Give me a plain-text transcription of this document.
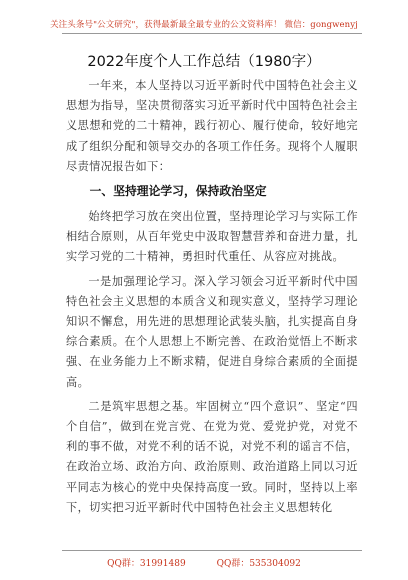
关注头条号"公文研究"，获得最新最全最专业的公文资料库！ 微信：gongwenyj
2022年度个人工作总结（1980字）

一年来，本人坚持以习近平新时代中国特色社会主义思想为指导，坚决贯彻落实习近平新时代中国特色社会主义思想和党的二十精神，践行初心、履行使命，较好地完成了组织分配和领导交办的各项工作任务。现将个人履职尽责情况报告如下：

一、坚持理论学习，保持政治坚定

始终把学习放在突出位置，坚持理论学习与实际工作相结合原则，从百年党史中汲取智慧营养和奋进力量，扎实学习党的二十精神，勇担时代重任、从容应对挑战。

一是加强理论学习。深入学习领会习近平新时代中国特色社会主义思想的本质含义和现实意义，坚持学习理论知识不懈怠，用先进的思想理论武装头脑，扎实提高自身综合素质。在个人思想上不断完善、在政治觉悟上不断求强、在业务能力上不断求精，促进自身综合素质的全面提高。

二是筑牢思想之基。牢固树立“四个意识”、坚定“四个自信”，做到在党言党、在党为党、爱党护党，对党不利的事不做，对党不利的话不说，对党不利的谣言不信，在政治立场、政治方向、政治原则、政治道路上同以习近平同志为核心的党中央保持高度一致。同时，坚持以上率下，切实把习近平新时代中国特色社会主义思想转化

QQ群：31991489	QQ群：535304092
